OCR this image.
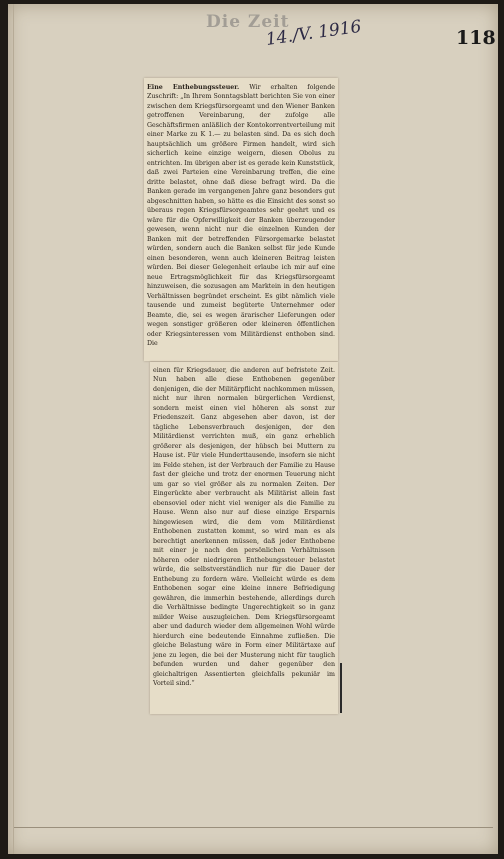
Die Zeit
14./V. 1916	118

Eine Enthebungssteuer. Wir erhalten folgende Zuschrift: „In Ihrem Sonntagsblatt berichten Sie von einer zwischen dem Kriegsfürsorgeamt und den Wiener Banken getroffenen Vereinbarung, der zufolge alle Geschäftsfirmen anläßlich der Kontokorrentverteilung mit einer Marke zu K 1.— zu belasten sind. Da es sich doch hauptsächlich um größere Firmen handelt, wird sich sicherlich keine einzige weigern, diesen Obolus zu entrichten. Im übrigen aber ist es gerade kein Kunststück, daß zwei Parteien eine Vereinbarung treffen, die eine dritte belastet, ohne daß diese befragt wird. Da die Banken gerade im vergangenen Jahre ganz besonders gut abgeschnitten haben, so hätte es die Einsicht des sonst so überaus regen Kriegsfürsorgeamtes sehr geehrt und es wäre für die Opferwilligkeit der Banken überzeugender gewesen, wenn nicht nur die einzelnen Kunden der Banken mit der betreffenden Fürsorgemarke belastet würden, sondern auch die Banken selbst für jede Kunde einen besonderen, wenn auch kleineren Beitrag leisten würden. Bei dieser Gelegenheit erlaube ich mir auf eine neue Ertragsmöglichkeit für das Kriegsfürsorgeamt hinzuweisen, die sozusagen am Marktein in den heutigen Verhältnissen begründet erscheint. Es gibt nämlich viele tausende und zumeist begüterte Unternehmer oder Beamte, die, sei es wegen ärarischer Lieferungen oder wegen sonstiger größeren oder kleineren öffentlichen oder Kriegsinteressen vom Militärdienst enthoben sind. Die

einen für Kriegsdauer, die anderen auf befristete Zeit. Nun haben alle diese Enthobenen gegenüber denjenigen, die der Militärpflicht nachkommen müssen, nicht nur ihren normalen bürgerlichen Verdienst, sondern meist einen viel höheren als sonst zur Friedenszeit. Ganz abgesehen aber davon, ist der tägliche Lebensverbrauch desjenigen, der den Militärdienst verrichten muß, ein ganz erheblich größerer als desjenigen, der hübsch bei Muttern zu Hause ist. Für viele Hunderttausende, insofern sie nicht im Felde stehen, ist der Verbrauch der Familie zu Hause fast der gleiche und trotz der enormen Teuerung nicht um gar so viel größer als zu normalen Zeiten. Der Eingerückte aber verbraucht als Militärist allein fast ebensoviel oder nicht viel weniger als die Familie zu Hause. Wenn also nur auf diese einzige Ersparnis hingewiesen wird, die dem vom Militärdienst Enthobenen zustatten kommt, so wird man es als berechtigt anerkennen müssen, daß jeder Enthobene mit einer je nach den persönlichen Verhältnissen höheren oder niedrigeren Enthebungssteuer belastet würde, die selbstverständlich nur für die Dauer der Enthebung zu fordern wäre. Vielleicht würde es dem Enthobenen sogar eine kleine innere Befriedigung gewähren, die immerhin bestehende, allerdings durch die Verhältnisse bedingte Ungerechtigkeit so in ganz milder Weise auszugleichen. Dem Kriegsfürsorgeamt aber und dadurch wieder dem allgemeinen Wohl würde hierdurch eine bedeutende Einnahme zufließen. Die gleiche Belastung wäre in Form einer Militärtaxe auf jene zu legen, die bei der Musterung nicht für tauglich befunden wurden und daher gegenüber den gleichaltrigen Assentierten gleichfalls pekuniär im Vorteil sind.“
